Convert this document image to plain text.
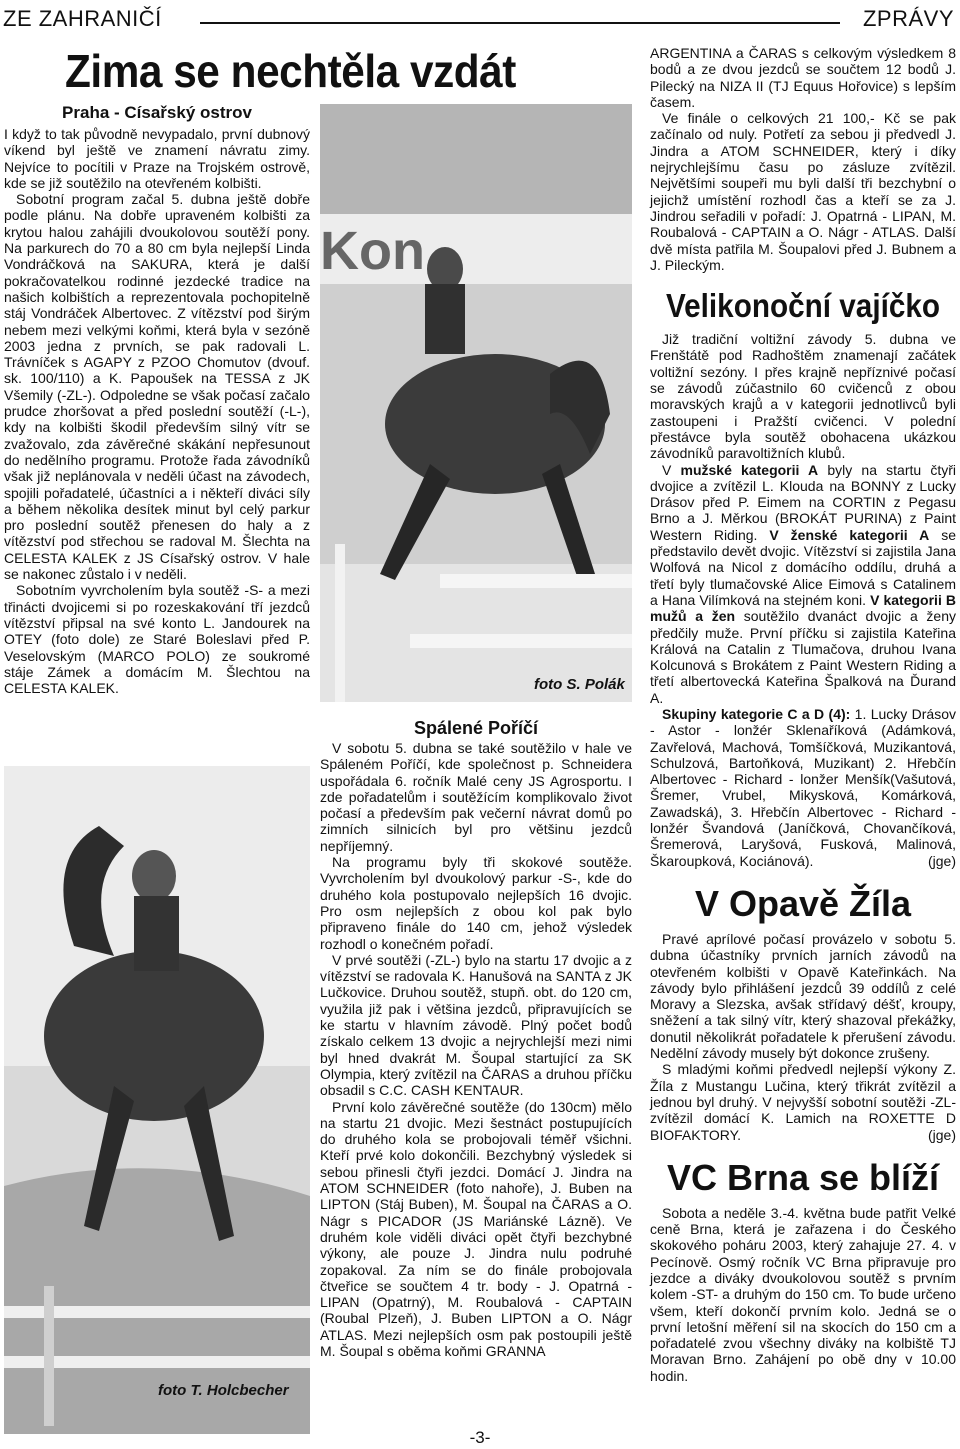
ZE ZAHRANIČÍ	ZPRÁVY
Zima se nechtěla vzdát
Praha - Císařský ostrov

I když to tak původně nevypadalo, první dubnový víkend byl ještě ve znamení návratu zimy. Nejvíce to pocítili v Praze na Trojském ostrově, kde se již soutěžilo na otevřeném kolbišti.

Sobotní program začal 5. dubna ještě dobře podle plánu. Na dobře upraveném kolbišti za krytou halou zahájili dvoukolovou soutěží pony. Na parkurech do 70 a 80 cm byla nejlepší Linda Vondráčková na SAKURA, která je další pokračovatelkou rodinné jezdecké tradice na našich kolbištích a reprezentovala pochopitelně stáj Vondráček Albertovec. Z vítězství pod širým nebem mezi velkými koňmi, která byla v sezóně 2003 jedna z prvních, se pak radovali L. Trávníček s AGAPY z PZOO Chomutov (dvouf. sk. 100/110) a K. Papoušek na TESSA z JK Všemily (-ZL-). Odpoledne se však počasí začalo prudce zhoršovat a před poslední soutěží (-L-), kdy na kolbišti škodil především silný vítr se zvažovalo, zda závěrečné skákání nepřesunout do nedělního programu. Protože řada závodníků však již neplánovala v neděli účast na závodech, spojili pořadatelé, účastníci a i někteří diváci síly a během několika desítek minut byl celý parkur pro poslední soutěž přenesen do haly a z vítězství pod střechou se radoval M. Šlechta na CELESTA KALEK z JS Císařský ostrov. V hale se nakonec zůstalo i v neděli.

Sobotním vyvrcholením byla soutěž -S- a mezi třinácti dvojicemi si po rozeskakování tří jezdců vítězství připsal na své konto L. Jandourek na OTEY (foto dole) ze Staré Boleslavi před P. Veselovským (MARCO POLO) ze soukromé stáje Zámek a domácím M. Šlechtou na CELESTA KALEK.

foto T. Holcbecher
Kon
foto S. Polák
Spálené Poříčí

V sobotu 5. dubna se také soutěžilo v hale ve Spáleném Poříčí, kde společnost p. Schneidera uspořádala 6. ročník Malé ceny JS Agrosportu. I zde pořadatelům i soutěžícím komplikovalo život počasí a především pak večerní návrat domů po zimních silnicích byl pro většinu jezdců nepříjemný.

Na programu byly tři skokové soutěže. Vyvrcholením byl dvoukolový parkur -S-, kde do druhého kola postupovalo nejlepších 16 dvojic. Pro osm nejlepších z obou kol pak bylo připraveno finále do 140 cm, jehož výsledek rozhodl o konečném pořadí.

V prvé soutěži (-ZL-) bylo na startu 17 dvojic a z vítězství se radovala K. Hanušová na SANTA z JK Lučkovice. Druhou soutěž, stupň. obt. do 120 cm, využila již pak i většina jezdců, připravujících se ke startu v hlavním závodě. Plný počet bodů získalo celkem 13 dvojic a nejrychlejší mezi nimi byl hned dvakrát M. Šoupal startující za SK Olympia, který zvítězil na ČARAS a druhou příčku obsadil s C.C. CASH KENTAUR.

První kolo závěrečné soutěže (do 130cm) mělo na startu 21 dvojic. Mezi šestnáct postupujících do druhého kola se probojovali téměř všichni. Kteří prvé kolo dokončili. Bezchybný výsledek si sebou přinesli čtyři jezdci. Domácí J. Jindra na ATOM SCHNEIDER (foto nahoře), J. Buben na LIPTON (Stáj Buben), M. Šoupal na ČARAS a O. Nágr s PICADOR (JS Mariánské Lázně). Ve druhém kole viděli diváci opět čtyři bezchybné výkony, ale pouze J. Jindra nulu podruhé zopakoval. Za ním se do finále probojovala čtveřice se součtem 4 tr. body - J. Opatrná - LIPAN (Opatrný), M. Roubalová - CAPTAIN (Roubal Plzeň), J. Buben LIPTON a O. Nágr ATLAS. Mezi nejlepších osm pak postoupili ještě M. Šoupal s oběma koňmi GRANNA

ARGENTINA a ČARAS s celkovým výsledkem 8 bodů a ze dvou jezdců se součtem 12 bodů J. Pilecký na NIZA II (TJ Equus Hořovice) s lepším časem.

Ve finále o celkových 21 100,- Kč se pak začínalo od nuly. Potřetí za sebou ji předvedl J. Jindra a ATOM SCHNEIDER, který i díky nejrychlejšímu času po zásluze zvítězil. Největšími soupeři mu byli další tři bezchybní o jejichž umístění rozhodl čas a kteří se za J. Jindrou seřadili v pořadí: J. Opatrná - LIPAN, M. Roubalová - CAPTAIN a O. Nágr - ATLAS. Další dvě místa patřila M. Šoupalovi před J. Bubnem a J. Pileckým.

Velikonoční vajíčko

Již tradiční voltižní závody 5. dubna ve Frenštátě pod Radhoštěm znamenají začátek voltižní sezóny. I přes krajně nepříznivé počasí se závodů zúčastnilo 60 cvičenců z obou moravských krajů a v kategorii jednotlivců byli zastoupeni i Pražští cvičenci. V polední přestávce byla soutěž obohacena ukázkou závodníků paravoltižních klubů.

V mužské kategorii A byly na startu čtyři dvojice a zvítězil L. Klouda na BONNY z Lucky Drásov před P. Eimem na CORTIN z Pegasu Brno a J. Měrkou (BROKÁT PURINA) z Paint Western Riding. V ženské kategorii A se představilo devět dvojic. Vítězství si zajistila Jana Wolfová na Nicol z domácího oddílu, druhá a třetí byly tlumačovské Alice Eimová s Catalinem a Hana Vilímková na stejném koni. V kategorii B mužů a žen soutěžilo dvanáct dvojic a ženy předčily muže. První příčku si zajistila Kateřina Králová na Catalin z Tlumačova, druhou Ivana Kolcunová s Brokátem z Paint Western Riding a třetí albertovecká Kateřina Špalková na Ďurand A.

Skupiny kategorie C a D (4): 1. Lucky Drásov - Astor - lonžér Sklenaříková (Adámková, Zavřelová, Machová, Tomšíčková, Muzikantová, Schulzová, Bartoňková, Muzikant) 2. Hřebčín Albertovec - Richard - lonžer Menšík(Vašutová, Šremer, Vrubel, Mikysková, Komárková, Zawadská), 3. Hřebčín Albertovec - Richard -lonžér Švandová (Janíčková, Chovančíková, Šremerová, Laryšová, Fusková, Malinová, Škaroupková, Kociánová).	(jge)

V Opavě Žíla

Pravé aprílové počasí provázelo v sobotu 5. dubna účastníky prvních jarních závodů na otevřeném kolbišti v Opavě Kateřinkách. Na závody bylo přihlášení jezdců 39 oddílů z celé Moravy a Slezska, avšak střídavý déšť, kroupy, sněžení a tak silný vítr, který shazoval překážky, donutil několikrát pořadatele k přerušení závodu. Nedělní závody musely být dokonce zrušeny.

S mladými koňmi předvedl nejlepší výkony Z. Žíla z Mustangu Lučina, který třikrát zvítězil a jednou byl druhý. V nejvyšší sobotní soutěži -ZL- zvítězil domácí K. Lamich na ROXETTE D BIOFAKTORY.	(jge)

VC Brna se blíží

Sobota a neděle 3.-4. května bude patřit Velké ceně Brna, která je zařazena i do Českého skokového poháru 2003, který zahajuje 27. 4. v Pecínově. Osmý ročník VC Brna připravuje pro jezdce a diváky dvoukolovou soutěž s prvním kolem -ST- a druhým do 150 cm. To bude určeno všem, kteří dokončí prvním kolo. Jedná se o první letošní měření sil na skocích do 150 cm a pořadatelé zvou všechny diváky na kolbiště TJ Moravan Brno. Zahájení po obě dny v 10.00 hodin.

-3-
